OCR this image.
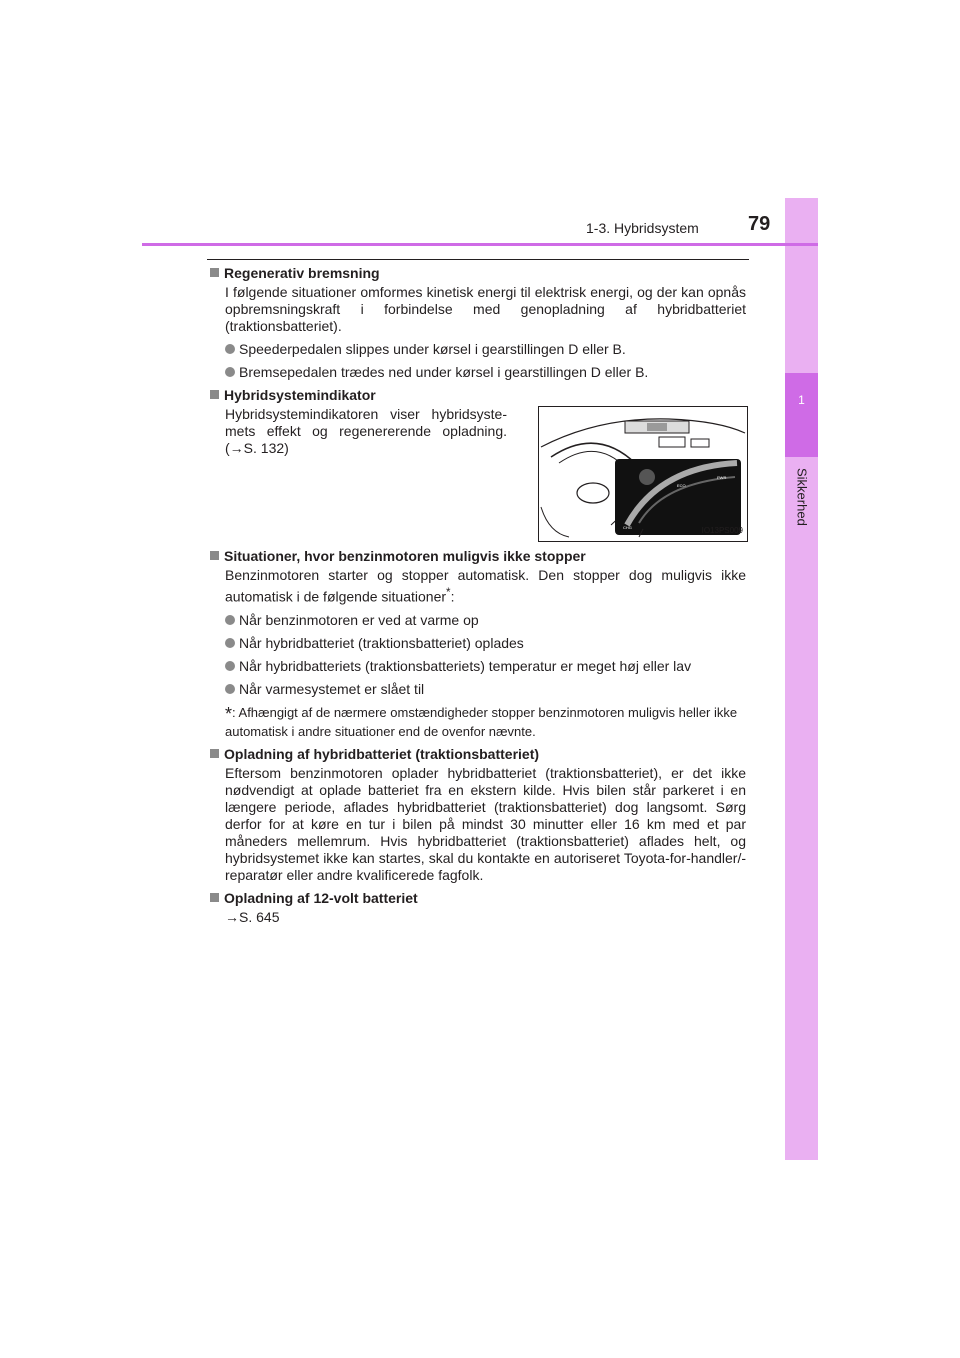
1
Sikkerhed
1-3. Hybridsystem 79
Regenerativ bremsning
I følgende situationer omformes kinetisk energi til elektrisk energi, og der kan opnås opbremsningskraft i forbindelse med genopladning af hybridbatteriet (traktionsbatteriet).
Speederpedalen slippes under kørsel i gearstillingen D eller B.
Bremsepedalen trædes ned under kørsel i gearstillingen D eller B.
Hybridsystemindikator
Hybridsystemindikatoren viser hybridsyste-mets effekt og regenererende opladning. (→S. 132)
PWR
ECO
CHG	IO13PS009
Situationer, hvor benzinmotoren muligvis ikke stopper
Benzinmotoren starter og stopper automatisk. Den stopper dog muligvis ikke automatisk i de følgende situationer*:
Når benzinmotoren er ved at varme op
Når hybridbatteriet (traktionsbatteriet) oplades
Når hybridbatteriets (traktionsbatteriets) temperatur er meget høj eller lav
Når varmesystemet er slået til
*: Afhængigt af de nærmere omstændigheder stopper benzinmotoren muligvis heller ikke automatisk i andre situationer end de ovenfor nævnte.
Opladning af hybridbatteriet (traktionsbatteriet)
Eftersom benzinmotoren oplader hybridbatteriet (traktionsbatteriet), er det ikke nødvendigt at oplade batteriet fra en ekstern kilde. Hvis bilen står parkeret i en længere periode, aflades hybridbatteriet (traktionsbatteriet) dog langsomt. Sørg derfor for at køre en tur i bilen på mindst 30 minutter eller 16 km med et par måneders mellemrum. Hvis hybridbatteriet (traktionsbatteriet) aflades helt, og hybridsystemet ikke kan startes, skal du kontakte en autoriseret Toyota-for-handler/-reparatør eller andre kvalificerede fagfolk.
Opladning af 12-volt batteriet
→S. 645
